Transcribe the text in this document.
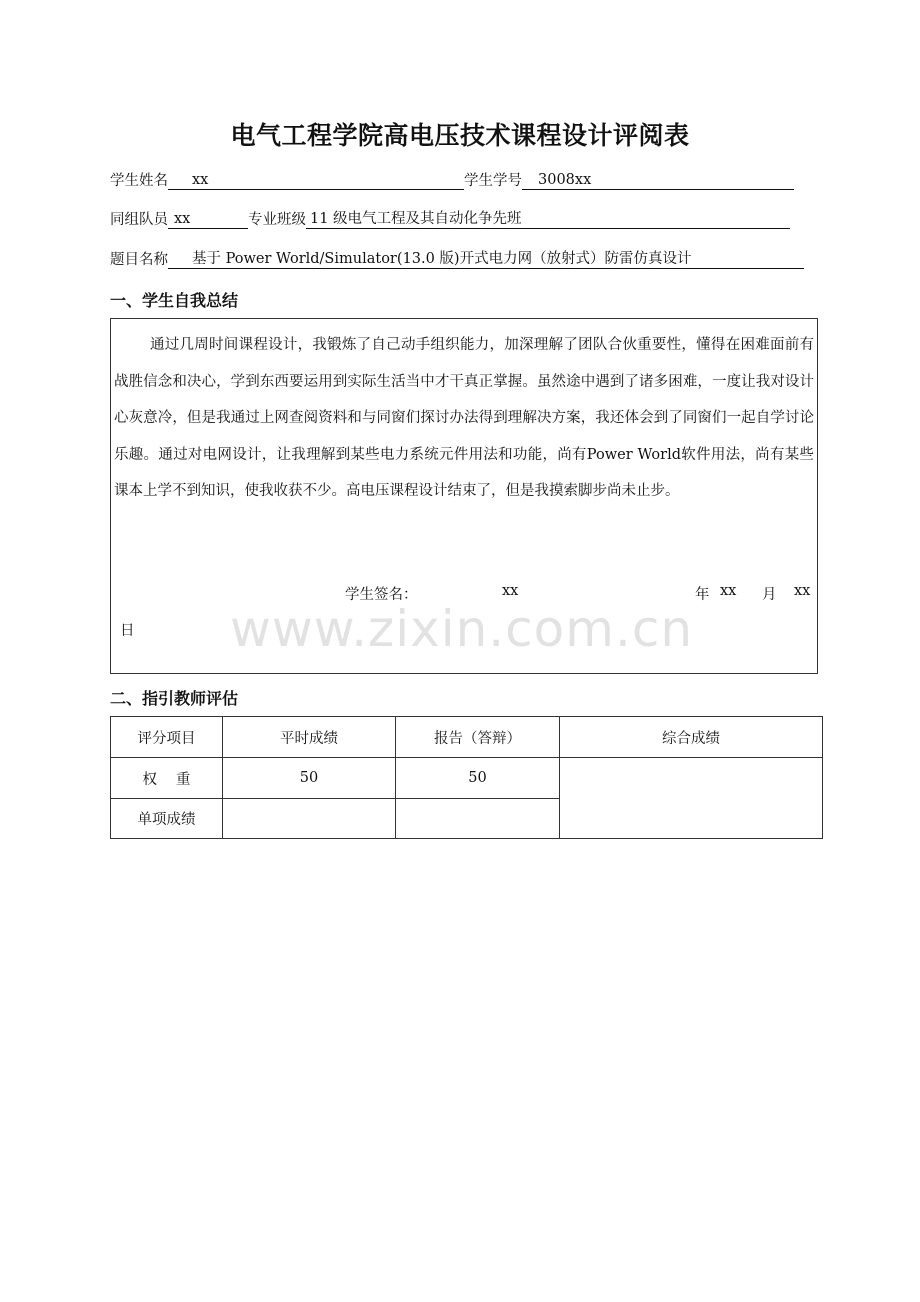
www.zixin.com.cn
电气工程学院高电压技术课程设计评阅表
学生姓名	xx	学生学号	3008xx
同组队员 xx	专业班级 11 级电气工程及其自动化争先班
题目名称	基于 Power World/Simulator(13.0 版)开式电力网（放射式）防雷仿真设计
一、学生自我总结

通过几周时间课程设计，我锻炼了自己动手组织能力，加深理解了团队合伙重要性，懂得在困难面前有战胜信念和决心，学到东西要运用到实际生活当中才干真正掌握。虽然途中遇到了诸多困难，一度让我对设计心灰意冷，但是我通过上网查阅资料和与同窗们探讨办法得到理解决方案，我还体会到了同窗们一起自学讨论乐趣。通过对电网设计，让我理解到某些电力系统元件用法和功能，尚有Power World软件用法，尚有某些课本上学不到知识，使我收获不少。高电压课程设计结束了，但是我摸索脚步尚未止步。

学生签名：	xx	年 xx 月 xx
日
二、指引教师评估
评分项目	平时成绩	报告（答辩）	综合成绩
权　 重	50	50	
单项成绩			
